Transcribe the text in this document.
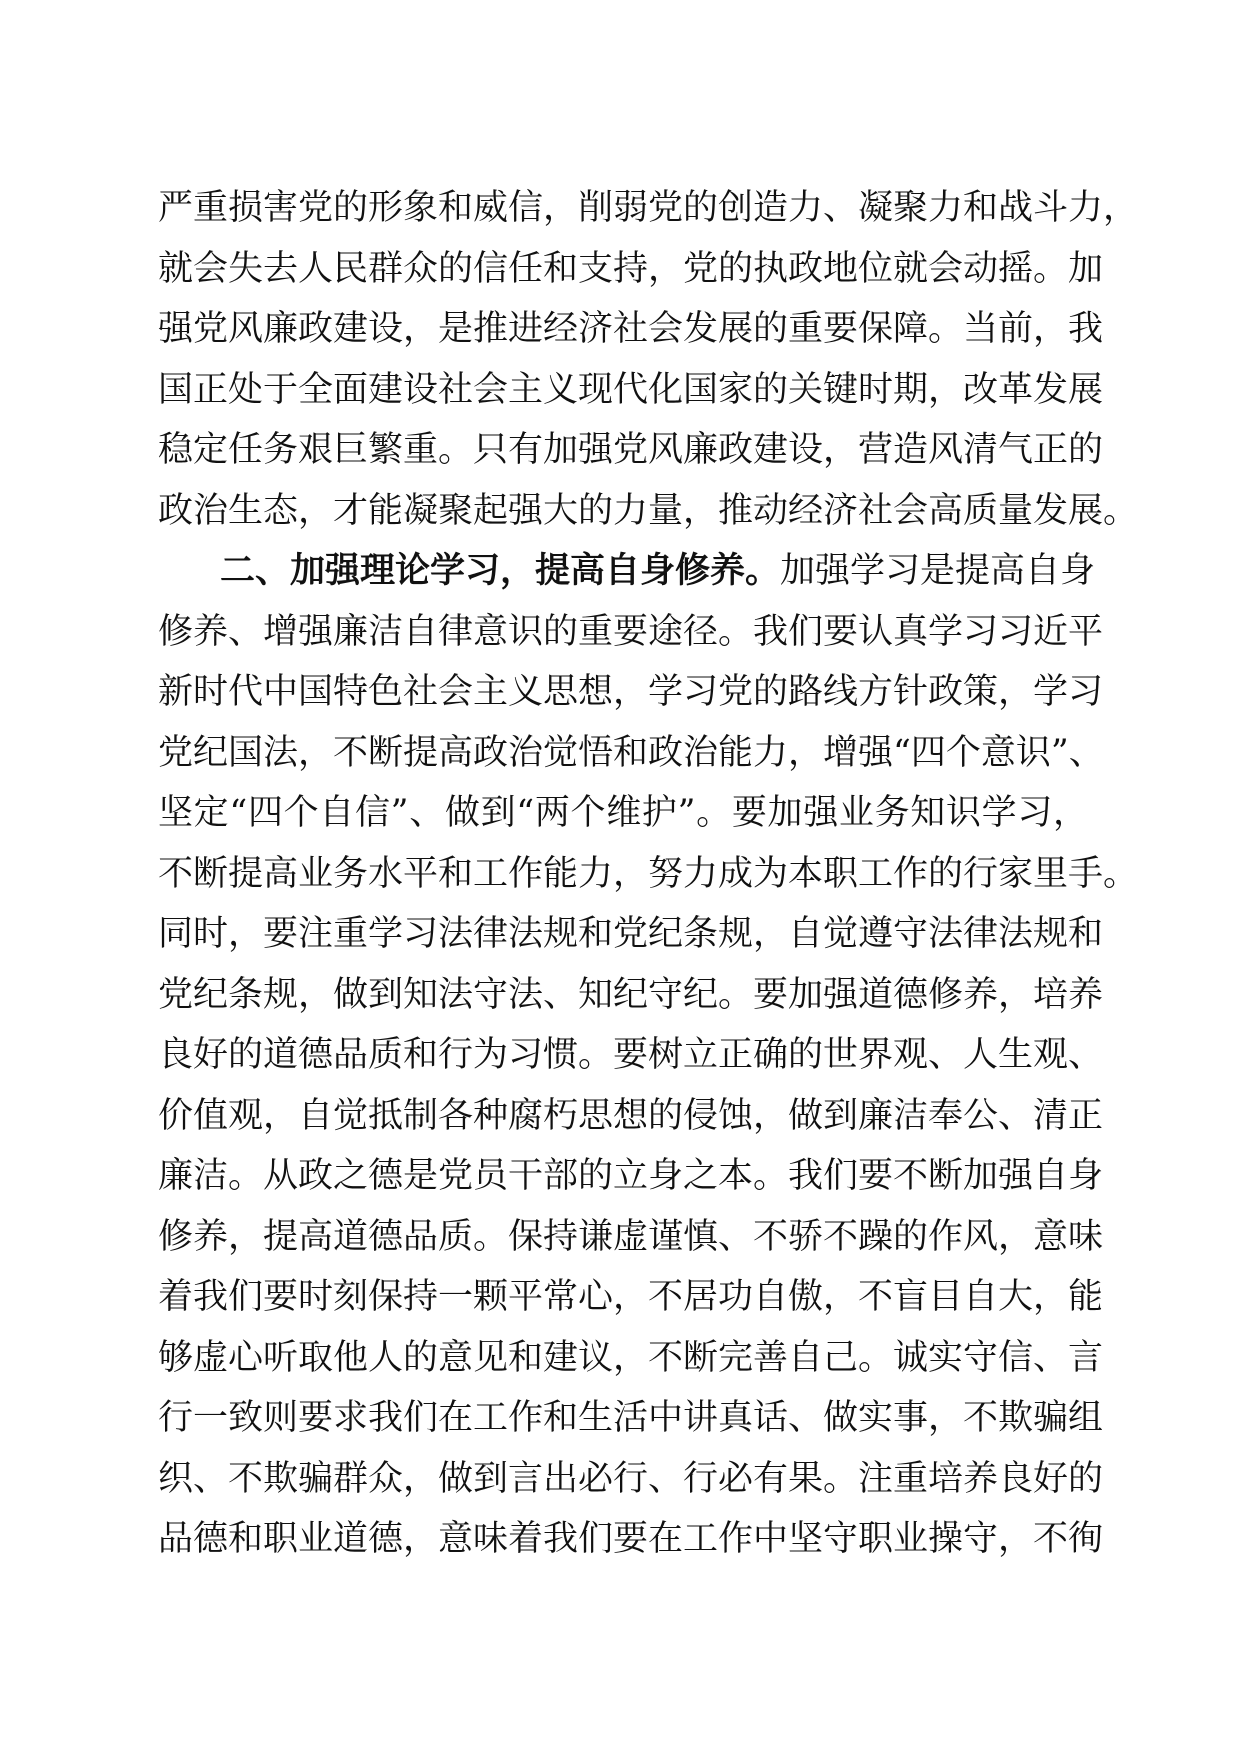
严重损害党的形象和威信，削弱党的创造力、凝聚力和战斗力，
就会失去人民群众的信任和支持，党的执政地位就会动摇。加
强党风廉政建设，是推进经济社会发展的重要保障。当前，我
国正处于全面建设社会主义现代化国家的关键时期，改革发展
稳定任务艰巨繁重。只有加强党风廉政建设，营造风清气正的
政治生态，才能凝聚起强大的力量，推动经济社会高质量发展。
二、加强理论学习，提高自身修养。加强学习是提高自身
修养、增强廉洁自律意识的重要途径。我们要认真学习习近平
新时代中国特色社会主义思想，学习党的路线方针政策，学习
党纪国法，不断提高政治觉悟和政治能力，增强“四个意识”、
坚定“四个自信”、做到“两个维护”。要加强业务知识学习，
不断提高业务水平和工作能力，努力成为本职工作的行家里手。
同时，要注重学习法律法规和党纪条规，自觉遵守法律法规和
党纪条规，做到知法守法、知纪守纪。要加强道德修养，培养
良好的道德品质和行为习惯。要树立正确的世界观、人生观、
价值观，自觉抵制各种腐朽思想的侵蚀，做到廉洁奉公、清正
廉洁。从政之德是党员干部的立身之本。我们要不断加强自身
修养，提高道德品质。保持谦虚谨慎、不骄不躁的作风，意味
着我们要时刻保持一颗平常心，不居功自傲，不盲目自大，能
够虚心听取他人的意见和建议，不断完善自己。诚实守信、言
行一致则要求我们在工作和生活中讲真话、做实事，不欺骗组
织、不欺骗群众，做到言出必行、行必有果。注重培养良好的
品德和职业道德，意味着我们要在工作中坚守职业操守，不徇
